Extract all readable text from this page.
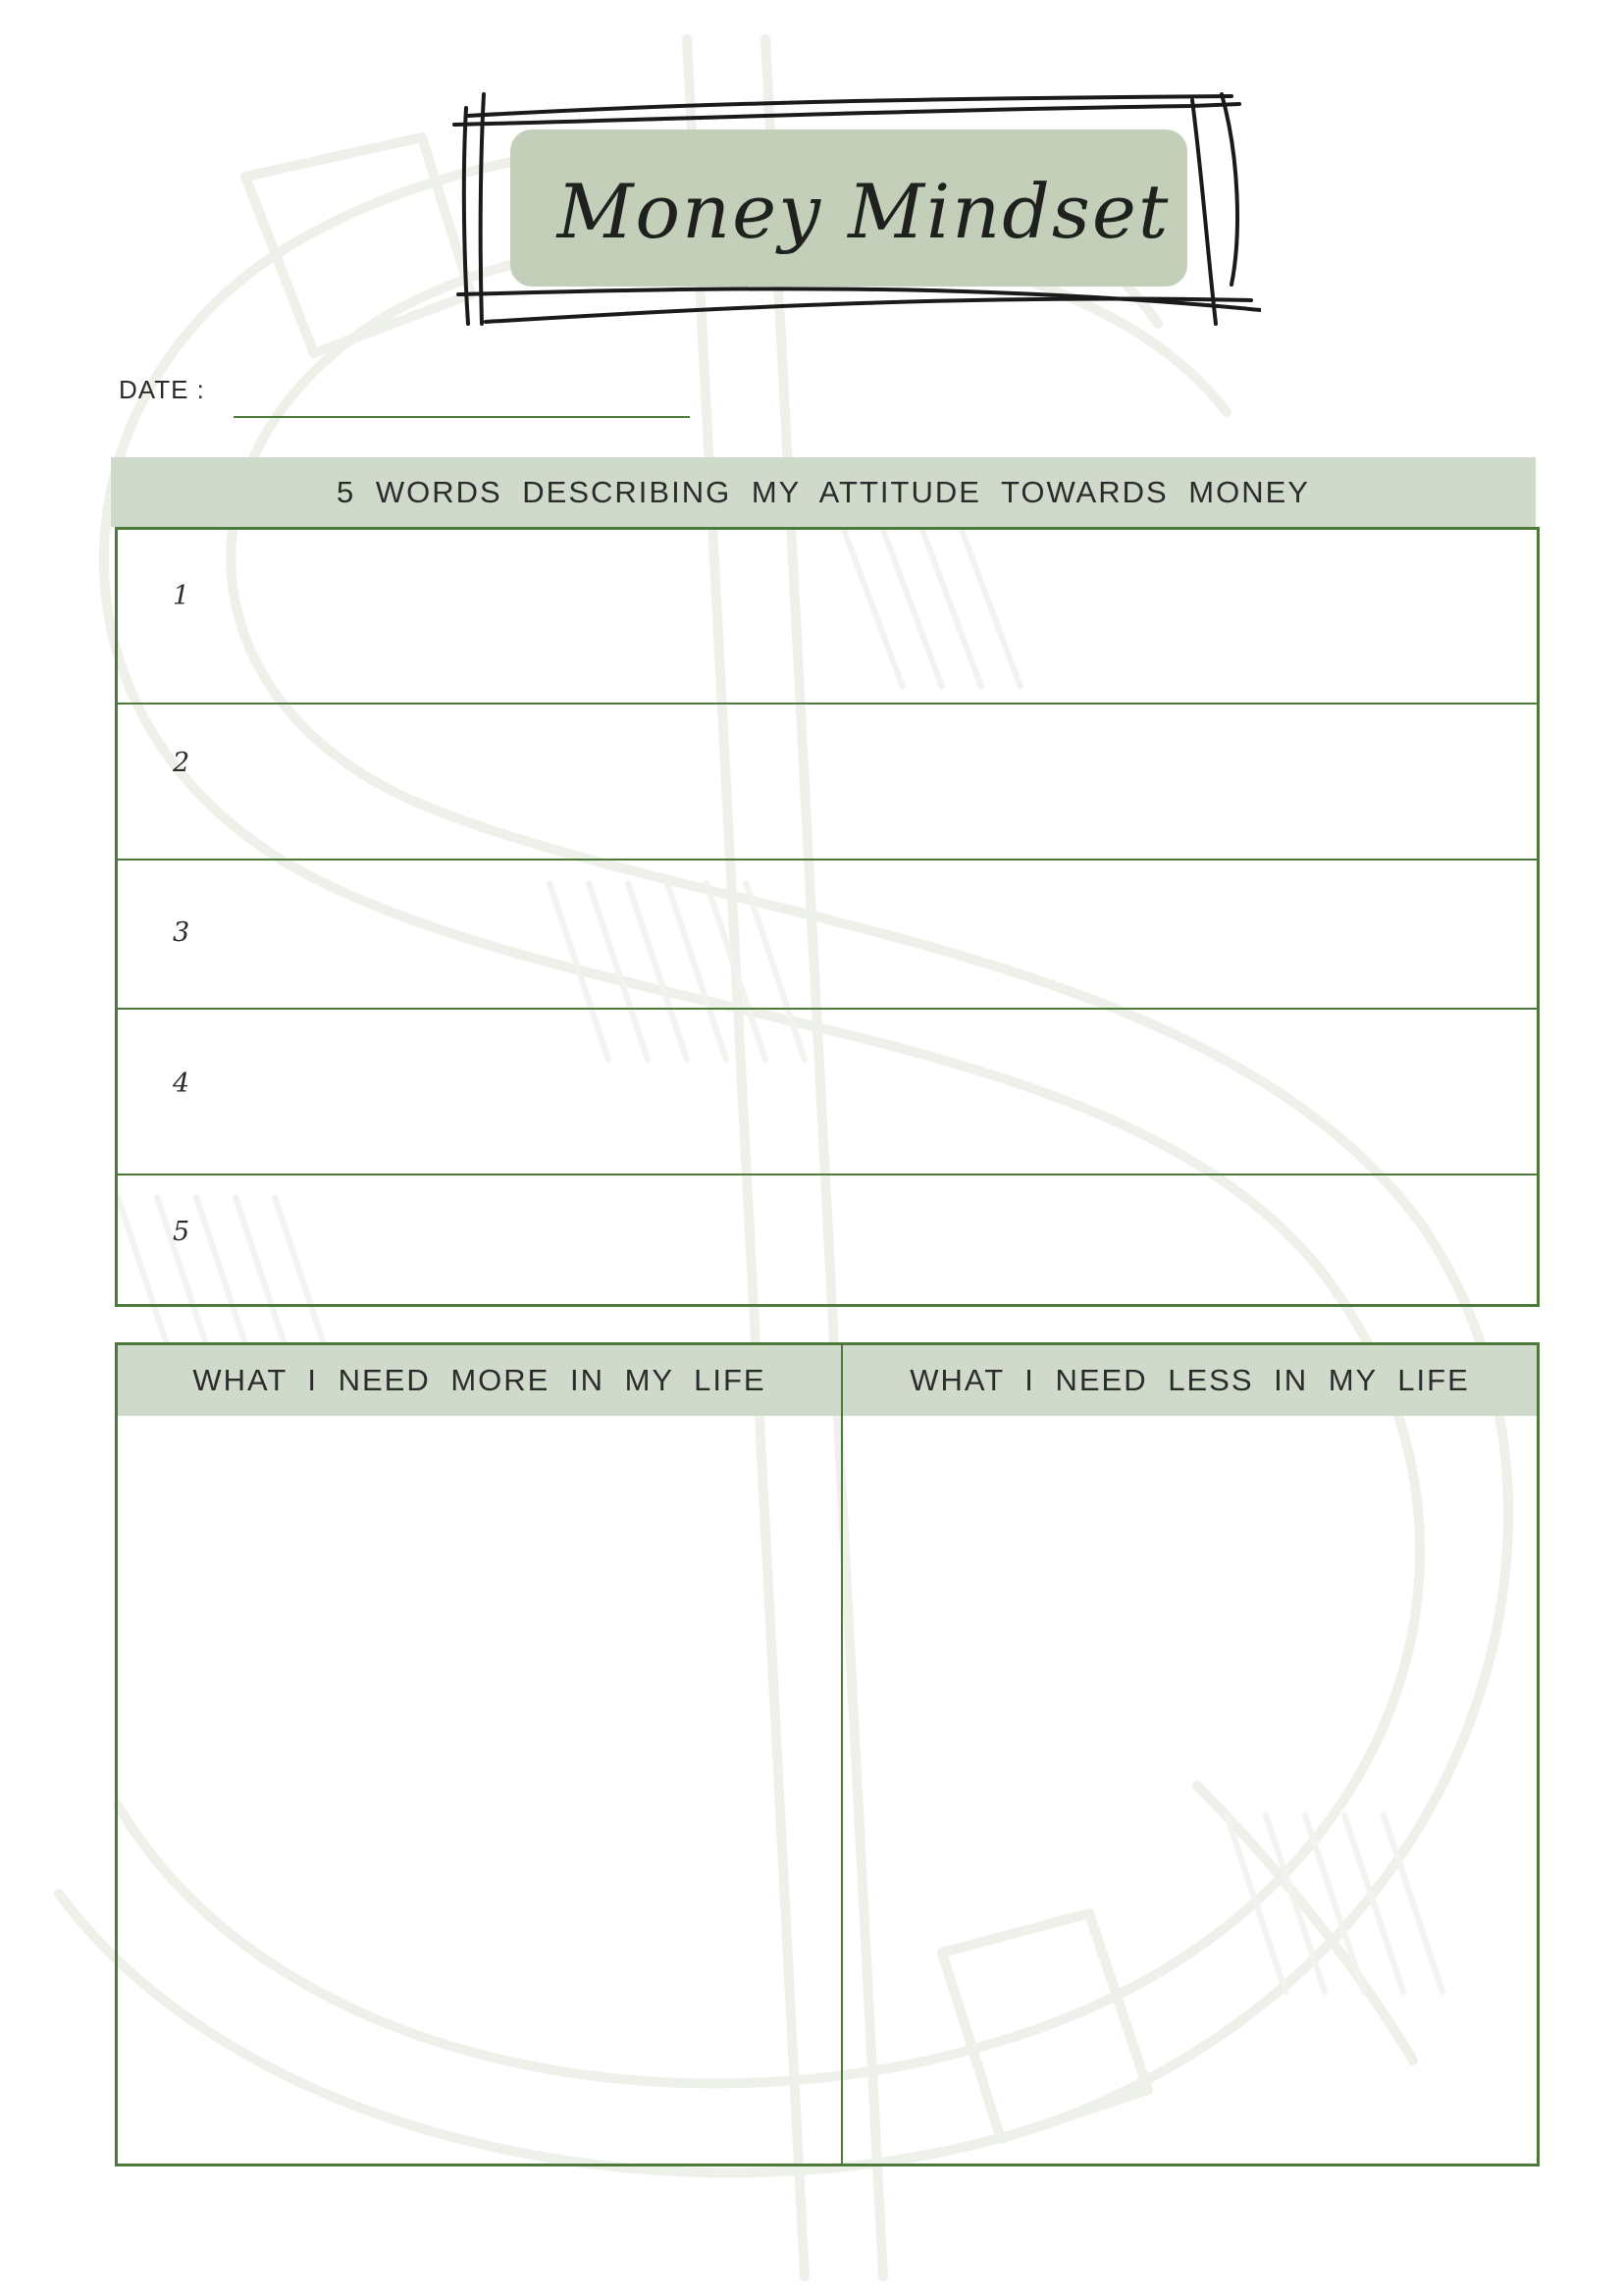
Money Mindset
DATE :
5 WORDS DESCRIBING MY ATTITUDE TOWARDS MONEY
1
2
3
4
5
WHAT I NEED MORE IN MY LIFE	WHAT I NEED LESS IN MY LIFE
